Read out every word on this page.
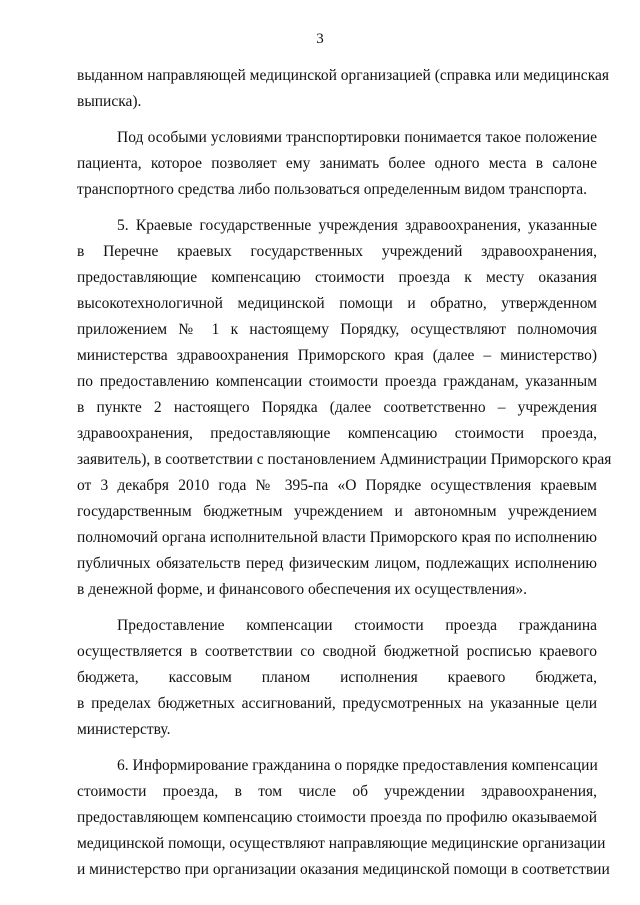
3
выданном направляющей медицинской организацией (справка или медицинская
выписка).
Под особыми условиями транспортировки понимается такое положение
пациента, которое позволяет ему занимать более одного места в салоне
транспортного средства либо пользоваться определенным видом транспорта.
5. Краевые государственные учреждения здравоохранения, указанные
в Перечне краевых государственных учреждений здравоохранения,
предоставляющие компенсацию стоимости проезда к месту оказания
высокотехнологичной медицинской помощи и обратно, утвержденном
приложением № 1 к настоящему Порядку, осуществляют полномочия
министерства здравоохранения Приморского края (далее – министерство)
по предоставлению компенсации стоимости проезда гражданам, указанным
в пункте 2 настоящего Порядка (далее соответственно – учреждения
здравоохранения, предоставляющие компенсацию стоимости проезда,
заявитель), в соответствии с постановлением Администрации Приморского края
от 3 декабря 2010 года № 395-па «О Порядке осуществления краевым
государственным бюджетным учреждением и автономным учреждением
полномочий органа исполнительной власти Приморского края по исполнению
публичных обязательств перед физическим лицом, подлежащих исполнению
в денежной форме, и финансового обеспечения их осуществления».
Предоставление компенсации стоимости проезда гражданина
осуществляется в соответствии со сводной бюджетной росписью краевого
бюджета, кассовым планом исполнения краевого бюджета,
в пределах бюджетных ассигнований, предусмотренных на указанные цели
министерству.
6. Информирование гражданина о порядке предоставления компенсации
стоимости проезда, в том числе об учреждении здравоохранения,
предоставляющем компенсацию стоимости проезда по профилю оказываемой
медицинской помощи, осуществляют направляющие медицинские организации
и министерство при организации оказания медицинской помощи в соответствии
